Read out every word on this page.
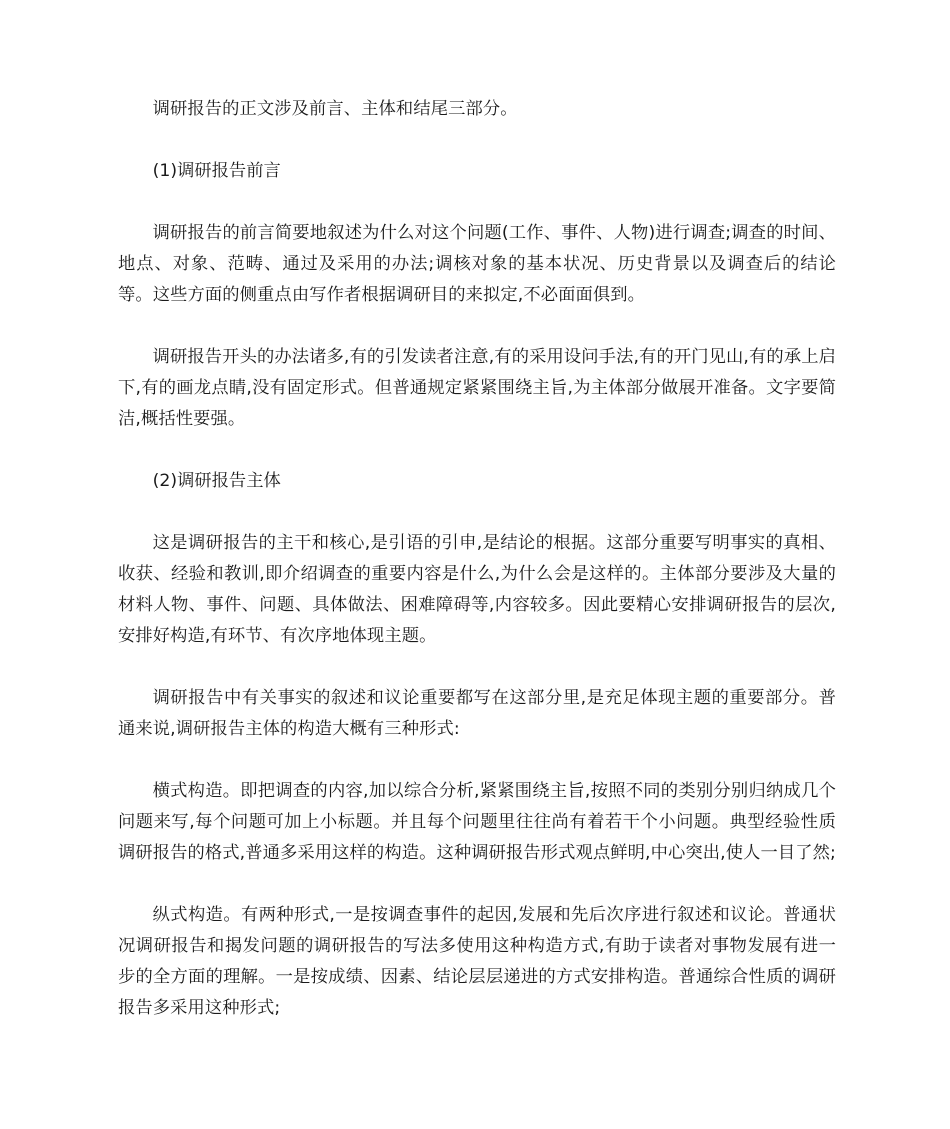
调研报告的正文涉及前言、主体和结尾三部分。

(1)调研报告前言

调研报告的前言简要地叙述为什么对这个问题(工作、事件、人物)进行调查;调查的时间、地点、对象、范畴、通过及采用的办法;调核对象的基本状况、历史背景以及调查后的结论等。这些方面的侧重点由写作者根据调研目的来拟定,不必面面俱到。

调研报告开头的办法诸多,有的引发读者注意,有的采用设问手法,有的开门见山,有的承上启下,有的画龙点睛,没有固定形式。但普通规定紧紧围绕主旨,为主体部分做展开准备。文字要简洁,概括性要强。

(2)调研报告主体

这是调研报告的主干和核心,是引语的引申,是结论的根据。这部分重要写明事实的真相、收获、经验和教训,即介绍调查的重要内容是什么,为什么会是这样的。主体部分要涉及大量的材料人物、事件、问题、具体做法、困难障碍等,内容较多。因此要精心安排调研报告的层次,安排好构造,有环节、有次序地体现主题。

调研报告中有关事实的叙述和议论重要都写在这部分里,是充足体现主题的重要部分。普通来说,调研报告主体的构造大概有三种形式:

横式构造。即把调查的内容,加以综合分析,紧紧围绕主旨,按照不同的类别分别归纳成几个问题来写,每个问题可加上小标题。并且每个问题里往往尚有着若干个小问题。典型经验性质调研报告的格式,普通多采用这样的构造。这种调研报告形式观点鲜明,中心突出,使人一目了然;

纵式构造。有两种形式,一是按调查事件的起因,发展和先后次序进行叙述和议论。普通状况调研报告和揭发问题的调研报告的写法多使用这种构造方式,有助于读者对事物发展有进一步的全方面的理解。一是按成绩、因素、结论层层递进的方式安排构造。普通综合性质的调研报告多采用这种形式;
